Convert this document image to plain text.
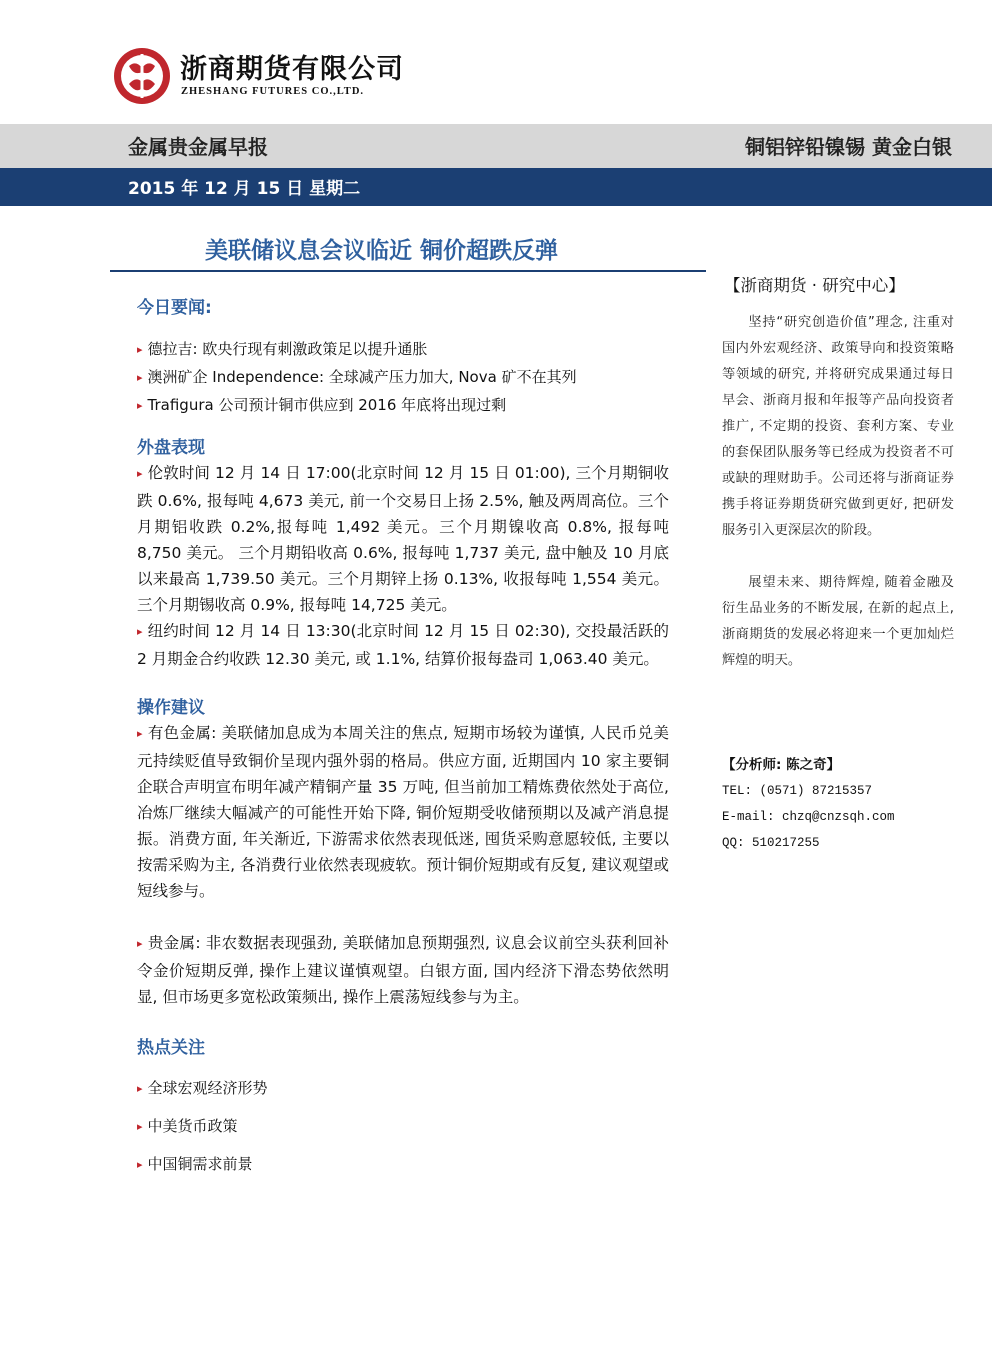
浙商期货有限公司
ZHESHANG FUTURES CO.,LTD.
金属贵金属早报	铜铝锌铅镍锡 黄金白银
2015 年 12 月 15 日 星期二
美联储议息会议临近 铜价超跌反弹
今日要闻:
▸ 德拉吉: 欧央行现有刺激政策足以提升通胀
▸ 澳洲矿企 Independence: 全球减产压力加大, Nova 矿不在其列
▸ Trafigura 公司预计铜市供应到 2016 年底将出现过剩
外盘表现

▸ 伦敦时间 12 月 14 日 17:00(北京时间 12 月 15 日 01:00), 三个月期铜收跌 0.6%, 报每吨 4,673 美元, 前一个交易日上扬 2.5%, 触及两周高位。三个月期铝收跌 0.2%,报每吨 1,492 美元。三个月期镍收高 0.8%, 报每吨 8,750 美元。 三个月期铅收高 0.6%, 报每吨 1,737 美元, 盘中触及 10 月底以来最高 1,739.50 美元。三个月期锌上扬 0.13%, 收报每吨 1,554 美元。三个月期锡收高 0.9%, 报每吨 14,725 美元。

▸ 纽约时间 12 月 14 日 13:30(北京时间 12 月 15 日 02:30), 交投最活跃的 2 月期金合约收跌 12.30 美元, 或 1.1%, 结算价报每盎司 1,063.40 美元。

操作建议

▸ 有色金属: 美联储加息成为本周关注的焦点, 短期市场较为谨慎, 人民币兑美元持续贬值导致铜价呈现内强外弱的格局。供应方面, 近期国内 10 家主要铜企联合声明宣布明年减产精铜产量 35 万吨, 但当前加工精炼费依然处于高位, 冶炼厂继续大幅减产的可能性开始下降, 铜价短期受收储预期以及减产消息提振。消费方面, 年关渐近, 下游需求依然表现低迷, 囤货采购意愿较低, 主要以按需采购为主, 各消费行业依然表现疲软。预计铜价短期或有反复, 建议观望或短线参与。

▸ 贵金属: 非农数据表现强劲, 美联储加息预期强烈, 议息会议前空头获利回补令金价短期反弹, 操作上建议谨慎观望。白银方面, 国内经济下滑态势依然明显, 但市场更多宽松政策频出, 操作上震荡短线参与为主。

热点关注
▸ 全球宏观经济形势
▸ 中美货币政策
▸ 中国铜需求前景
【浙商期货 · 研究中心】

坚持“研究创造价值”理念, 注重对国内外宏观经济、政策导向和投资策略等领域的研究, 并将研究成果通过每日早会、浙商月报和年报等产品向投资者推广, 不定期的投资、套利方案、专业的套保团队服务等已经成为投资者不可或缺的理财助手。公司还将与浙商证券携手将证券期货研究做到更好, 把研发服务引入更深层次的阶段。

展望未来、期待辉煌, 随着金融及衍生品业务的不断发展, 在新的起点上, 浙商期货的发展必将迎来一个更加灿烂辉煌的明天。

【分析师: 陈之奇】
TEL: (0571) 87215357
E-mail: chzq@cnzsqh.com
QQ: 510217255
